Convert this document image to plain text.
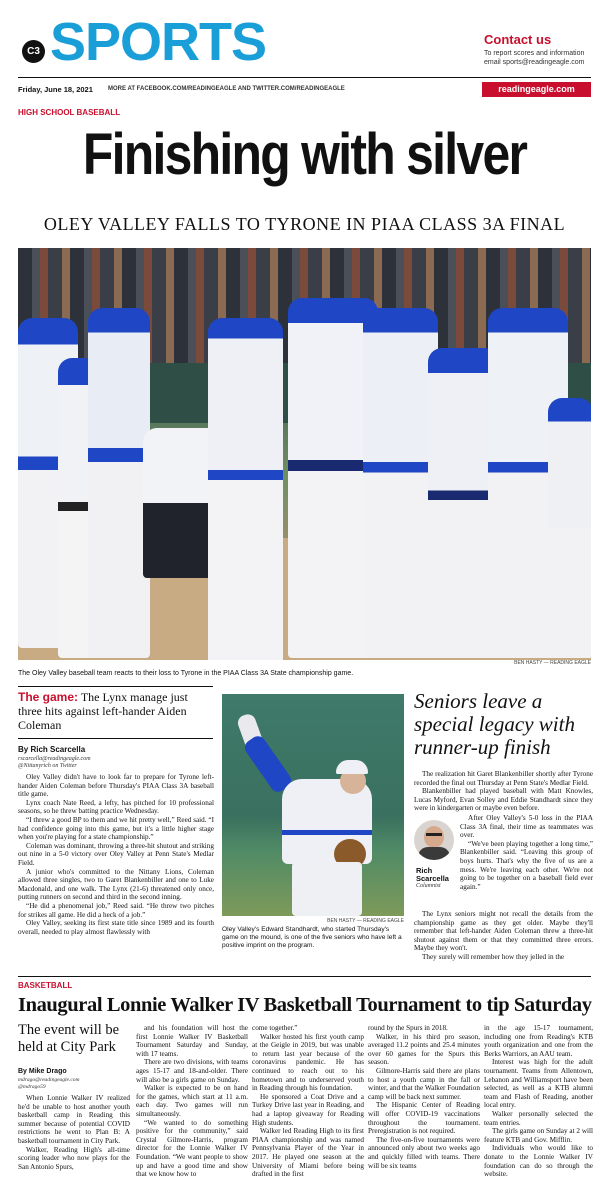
C3 SPORTS	Contact us
To report scores and information
email sports@readingeagle.com
Friday, June 18, 2021	MORE AT FACEBOOK.COM/READINGEAGLE AND TWITTER.COM/READINGEAGLE	readingeagle.com
HIGH SCHOOL BASEBALL
Finishing with silver
OLEY VALLEY FALLS TO TYRONE IN PIAA CLASS 3A FINAL
BEN HASTY — READING EAGLE
The Oley Valley baseball team reacts to their loss to Tyrone in the PIAA Class 3A State championship game.
The game: The Lynx manage just three hits against left-hander Aiden Coleman
By Rich Scarcella
rscarcella@readingeagle.com
@Nittanyrich on Twitter

Oley Valley didn't have to look far to prepare for Tyrone left-hander Aiden Coleman before Thursday's PIAA Class 3A baseball title game.

Lynx coach Nate Reed, a lefty, has pitched for 10 professional seasons, so he threw batting practice Wednesday.

“I threw a good BP to them and we hit pretty well,” Reed said. “I had confidence going into this game, but it's a little higher stage when you're playing for a state championship.”

Coleman was dominant, throwing a three-hit shutout and striking out nine in a 5-0 victory over Oley Valley at Penn State's Medlar Field.

A junior who's committed to the Nittany Lions, Coleman allowed three singles, two to Garet Blankenbiller and one to Luke Macdonald, and one walk. The Lynx (21-6) threatened only once, putting runners on second and third in the second inning.

“He did a phenomenal job,” Reed said. “He threw two pitches for strikes all game. He did a heck of a job.”

Oley Valley, seeking its first state title since 1989 and its fourth overall, needed to play almost flawlessly with

BEN HASTY — READING EAGLE
Oley Valley's Edward Standhardt, who started Thursday's game on the mound, is one of the five seniors who have left a positive imprint on the program.
Seniors leave a special legacy with runner-up finish

The realization hit Garet Blankenbiller shortly after Tyrone recorded the final out Thursday at Penn State's Medlar Field.

Blankenbiller had played baseball with Matt Knowles, Lucas Myford, Evan Solley and Eddie Standhardt since they were in kindergarten or maybe even before.

Rich
Scarcella
Columnist

After Oley Valley's 5-0 loss in the PIAA Class 3A final, their time as teammates was over.

“We've been playing together a long time,” Blankenbiller said. “Leaving this group of boys hurts. That's why the five of us are a mess. We're leaving each other. We're not going to be together on a baseball field ever again.”

The Lynx seniors might not recall the details from the championship game as they get older. Maybe they'll remember that left-hander Aiden Coleman threw a three-hit shutout against them or that they committed three errors. Maybe they won't.

They surely will remember how they jelled in the

BASKETBALL
Inaugural Lonnie Walker IV Basketball Tournament to tip Saturday
The event will be held at City Park
By Mike Drago
mdrago@readingeagle.com
@mdrago59

When Lonnie Walker IV realized he'd be unable to host another youth basketball camp in Reading this summer because of potential COVID restrictions he went to Plan B: A basketball tournament in City Park.

Walker, Reading High's all-time scoring leader who now plays for the San Antonio Spurs,

and his foundation will host the first Lonnie Walker IV Basketball Tournament Saturday and Sunday, with 17 teams.

There are two divisions, with teams ages 15-17 and 18-and-older. There will also be a girls game on Sunday.

Walker is expected to be on hand for the games, which start at 11 a.m. each day. Two games will run simultaneously.

“We wanted to do something positive for the community,” said Crystal Gilmore-Harris, program director for the Lonnie Walker IV Foundation. “We want people to show up and have a good time and show that we know how to

come together.”

Walker hosted his first youth camp at the Geigle in 2019, but was unable to return last year because of the coronavirus pandemic. He has continued to reach out to his hometown and to underserved youth in Reading through his foundation.

He sponsored a Coat Drive and a Turkey Drive last year in Reading, and had a laptop giveaway for Reading High students.

Walker led Reading High to its first PIAA championship and was named Pennsylvania Player of the Year in 2017. He played one season at the University of Miami before being drafted in the first

round by the Spurs in 2018.

Walker, in his third pro season, averaged 11.2 points and 25.4 minutes over 60 games for the Spurs this season.

Gilmore-Harris said there are plans to host a youth camp in the fall or winter, and that the Walker Foundation camp will be back next summer.

The Hispanic Center of Reading will offer COVID-19 vaccinations throughout the tournament. Preregistration is not required.

The five-on-five tournaments were announced only about two weeks ago and quickly filled with teams. There will be six teams

in the age 15-17 tournament, including one from Reading's KTB youth organization and one from the Berks Warriors, an AAU team.

Interest was high for the adult tournament. Teams from Allentown, Lebanon and Williamsport have been selected, as well as a KTB alumni team and Flash of Reading, another local entry.

Walker personally selected the team entries.

The girls game on Sunday at 2 will feature KTB and Gov. Mifflin.

Individuals who would like to donate to the Lonnie Walker IV foundation can do so through the website.
